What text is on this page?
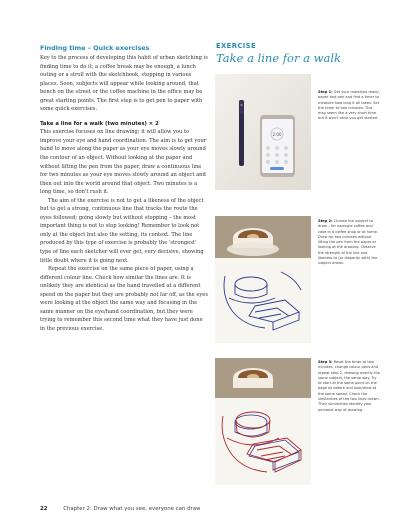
Finding time – Quick exercises

Key to the process of developing this habit of urban sketching is finding time to do it; a coffee break may be enough, a lunch outing or a stroll with the sketchbook, stopping in various places. Soon, subjects will appear while looking around, that bench on the street or the coffee machine in the office may be great starting points. The first step is to get pen to paper with some quick exercises.

Take a line for a walk (two minutes) × 2

This exercise focuses on line drawing; it will allow you to improve your eye and hand coordination. The aim is to get your hand to move along the paper as your eye moves slowly around the contour of an object. Without looking at the paper and without lifting the pen from the paper, draw a continuous line for two minutes as your eye moves slowly around an object and then out into the world around that object. Two minutes is a long time, so don't rush it.

The aim of the exercise is not to get a likeness of the object but to get a strong, continuous line that tracks the route the eyes followed; going slowly but without stopping – the most important thing is not to stop looking! Remember to look not only at the object but also the setting, its context. The line produced by this type of exercise is probably the 'strongest' type of line each sketcher will ever get, very decisive, showing little doubt where it is going next.

Repeat the exercise on the same piece of paper, using a different colour line. Check how similar the lines are. It is unlikely they are identical as the hand travelled at a different speed on the paper but they are probably not far off, as the eyes were looking at the object the same way and focusing in the same manner on the eye/hand coordination, but they were trying to remember this second time what they have just done in the previous exercise.

EXERCISE
Take a line for a walk
2:00
Step 1: Get your materials ready, paper and pen and find a timer to measure how long it all takes. Set the timer to two minutes. This may seem like a very short time but it won't once you get started.
Step 2: Choose the subject to draw – for example coffee and cake in a coffee shop or at home. Draw for two minutes without lifting the pen from the paper or looking at the drawing. Observe the strength of the line and likeness to (or disparity with) the subject drawn.
Step 3: Reset the timer to two minutes, change colour pens and repeat step 2, drawing exactly the same subject, the same way. Try to start at the same point on the page as before and look/draw at the same speed. Check the similarities of the two lines drawn. Their similarities identify your personal way of drawing.
22	Chapter 2: Draw what you see, everyone can draw
